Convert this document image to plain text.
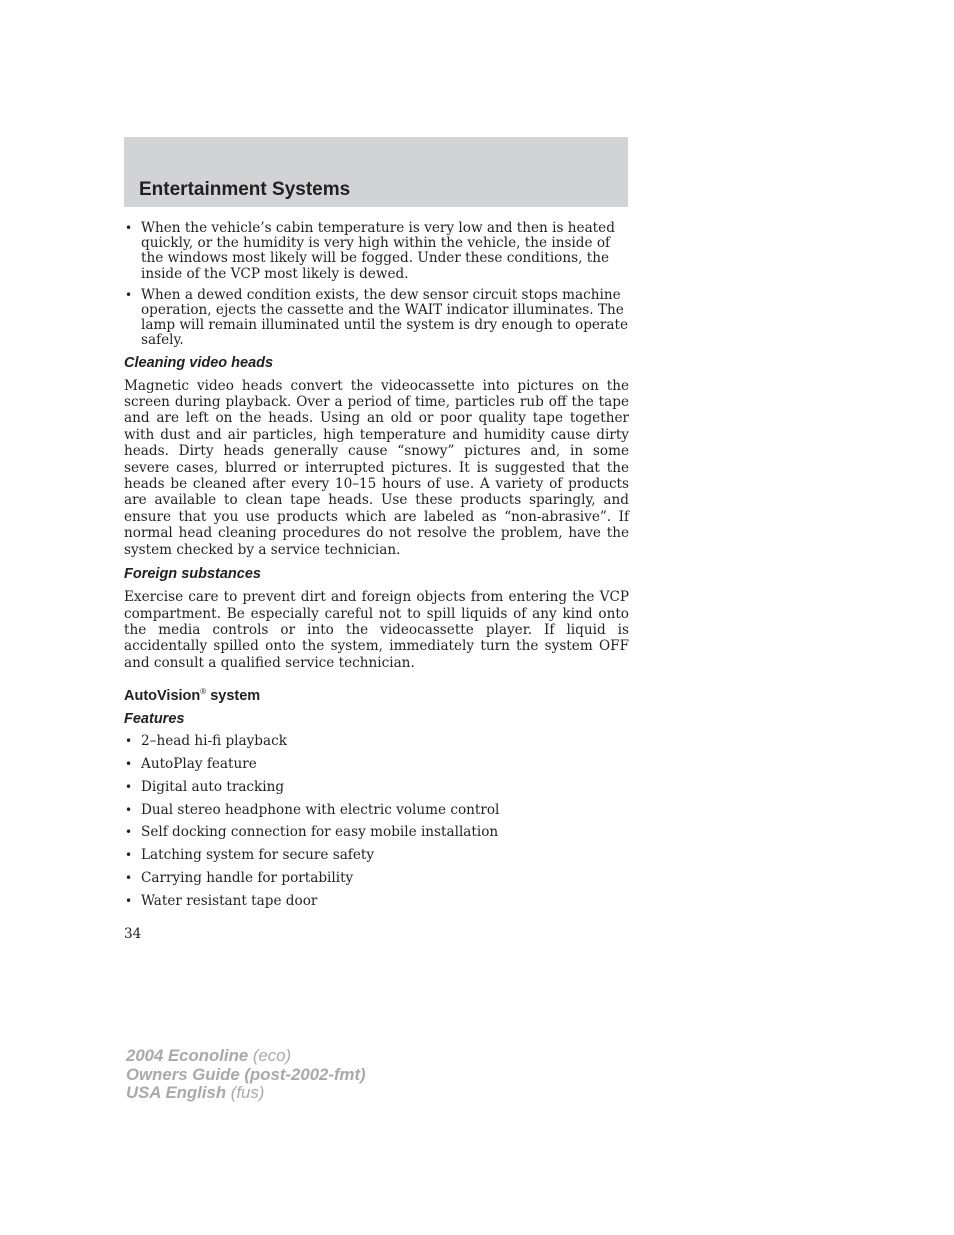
Entertainment Systems
• When the vehicle’s cabin temperature is very low and then is heated quickly, or the humidity is very high within the vehicle, the inside of the windows most likely will be fogged. Under these conditions, the inside of the VCP most likely is dewed.
• When a dewed condition exists, the dew sensor circuit stops machine operation, ejects the cassette and the WAIT indicator illuminates. The lamp will remain illuminated until the system is dry enough to operate safely.
Cleaning video heads

Magnetic video heads convert the videocassette into pictures on the screen during playback. Over a period of time, particles rub off the tape and are left on the heads. Using an old or poor quality tape together with dust and air particles, high temperature and humidity cause dirty heads. Dirty heads generally cause “snowy” pictures and, in some severe cases, blurred or interrupted pictures. It is suggested that the heads be cleaned after every 10–15 hours of use. A variety of products are available to clean tape heads. Use these products sparingly, and ensure that you use products which are labeled as “non-abrasive”. If normal head cleaning procedures do not resolve the problem, have the system checked by a service technician.

Foreign substances

Exercise care to prevent dirt and foreign objects from entering the VCP compartment. Be especially careful not to spill liquids of any kind onto the media controls or into the videocassette player. If liquid is accidentally spilled onto the system, immediately turn the system OFF and consult a qualified service technician.

AutoVision® system
Features
• 2–head hi-fi playback
• AutoPlay feature
• Digital auto tracking
• Dual stereo headphone with electric volume control
• Self docking connection for easy mobile installation
• Latching system for secure safety
• Carrying handle for portability
• Water resistant tape door
34
2004 Econoline (eco)
Owners Guide (post-2002-fmt)
USA English (fus)
